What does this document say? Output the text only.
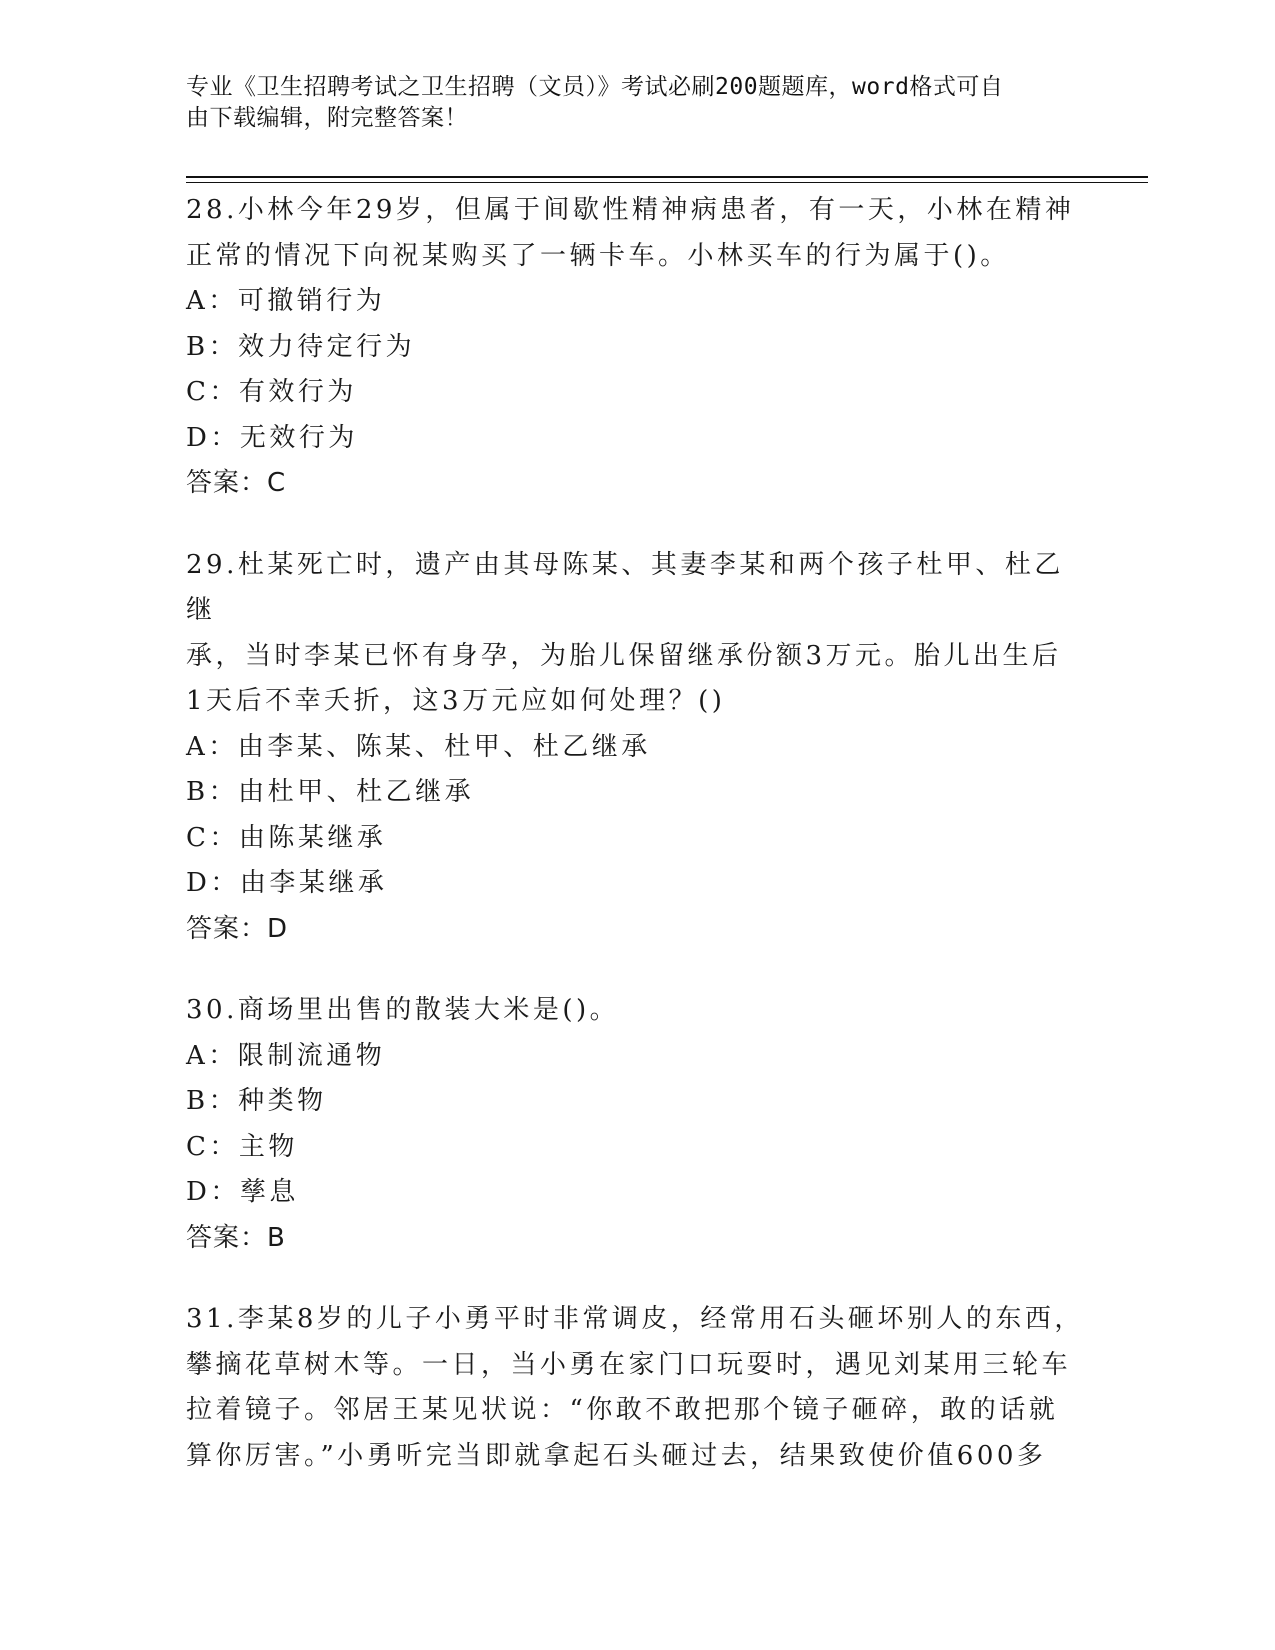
专业《卫生招聘考试之卫生招聘（文员）》考试必刷200题题库，word格式可自
由下载编辑，附完整答案！
28.小林今年29岁，但属于间歇性精神病患者，有一天，小林在精神
正常的情况下向祝某购买了一辆卡车。小林买车的行为属于()。
A：可撤销行为
B：效力待定行为
C：有效行为
D：无效行为
答案：C
29.杜某死亡时，遗产由其母陈某、其妻李某和两个孩子杜甲、杜乙继
承，当时李某已怀有身孕，为胎儿保留继承份额3万元。胎儿出生后
1天后不幸夭折，这3万元应如何处理？()
A：由李某、陈某、杜甲、杜乙继承
B：由杜甲、杜乙继承
C：由陈某继承
D：由李某继承
答案：D
30.商场里出售的散装大米是()。
A：限制流通物
B：种类物
C：主物
D：孳息
答案：B
31.李某8岁的儿子小勇平时非常调皮，经常用石头砸坏别人的东西，
攀摘花草树木等。一日，当小勇在家门口玩耍时，遇见刘某用三轮车
拉着镜子。邻居王某见状说：“你敢不敢把那个镜子砸碎，敢的话就
算你厉害。”小勇听完当即就拿起石头砸过去，结果致使价值600多
